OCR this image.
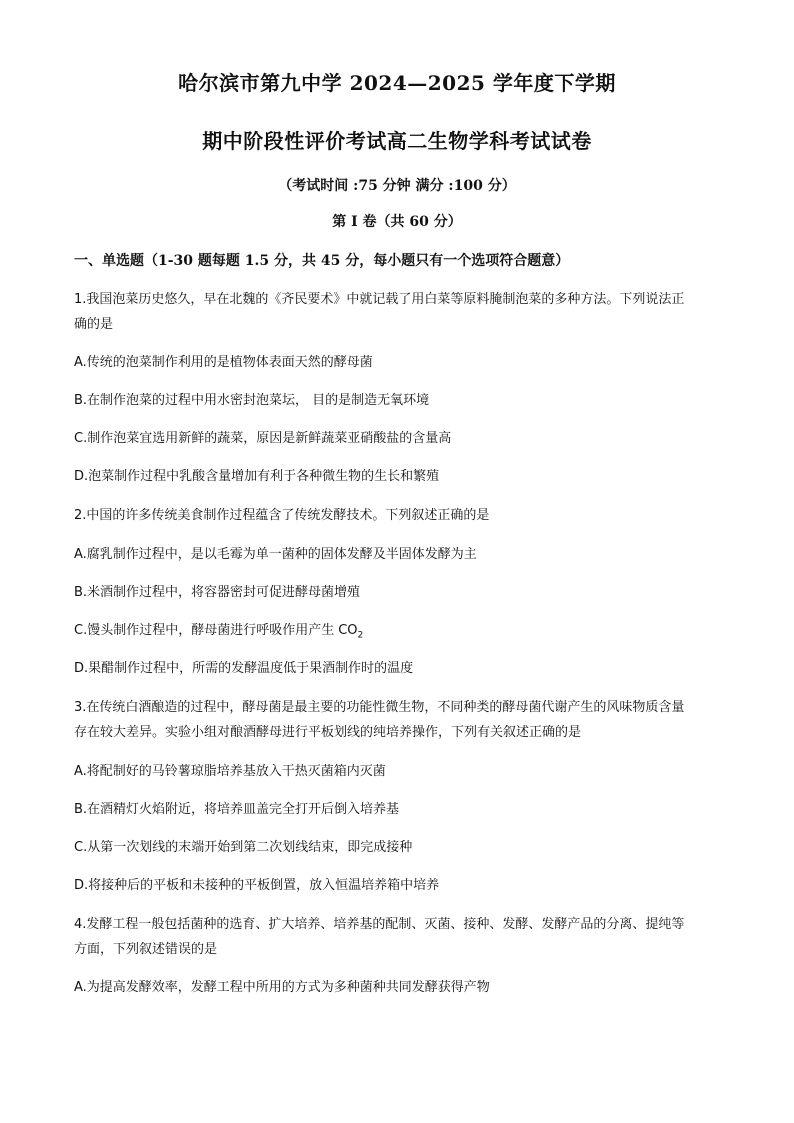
哈尔滨市第九中学 2024—2025 学年度下学期
期中阶段性评价考试高二生物学科考试试卷
（考试时间 :75 分钟 满分 :100 分）
第 Ⅰ 卷（共 60 分）
一、单选题（1-30 题每题 1.5 分，共 45 分，每小题只有一个选项符合题意）
1.我国泡菜历史悠久，早在北魏的《齐民要术》中就记载了用白菜等原料腌制泡菜的多种方法。下列说法正
确的是
A.传统的泡菜制作利用的是植物体表面天然的酵母菌
B.在制作泡菜的过程中用水密封泡菜坛， 目的是制造无氧环境
C.制作泡菜宜选用新鲜的蔬菜，原因是新鲜蔬菜亚硝酸盐的含量高
D.泡菜制作过程中乳酸含量增加有利于各种微生物的生长和繁殖
2.中国的许多传统美食制作过程蕴含了传统发酵技术。下列叙述正确的是
A.腐乳制作过程中，是以毛霉为单一菌种的固体发酵及半固体发酵为主
B.米酒制作过程中，将容器密封可促进酵母菌增殖
C.馒头制作过程中，酵母菌进行呼吸作用产生 $CO_2$
D.果醋制作过程中，所需的发酵温度低于果酒制作时的温度
3.在传统白酒酿造的过程中，酵母菌是最主要的功能性微生物，不同种类的酵母菌代谢产生的风味物质含量
存在较大差异。实验小组对酿酒酵母进行平板划线的纯培养操作，下列有关叙述正确的是
A.将配制好的马铃薯琼脂培养基放入干热灭菌箱内灭菌
B.在酒精灯火焰附近，将培养皿盖完全打开后倒入培养基
C.从第一次划线的末端开始到第二次划线结束，即完成接种
D.将接种后的平板和未接种的平板倒置，放入恒温培养箱中培养
4.发酵工程一般包括菌种的选育、扩大培养、培养基的配制、灭菌、接种、发酵、发酵产品的分离、提纯等
方面，下列叙述错误的是
A.为提高发酵效率，发酵工程中所用的方式为多种菌种共同发酵获得产物
